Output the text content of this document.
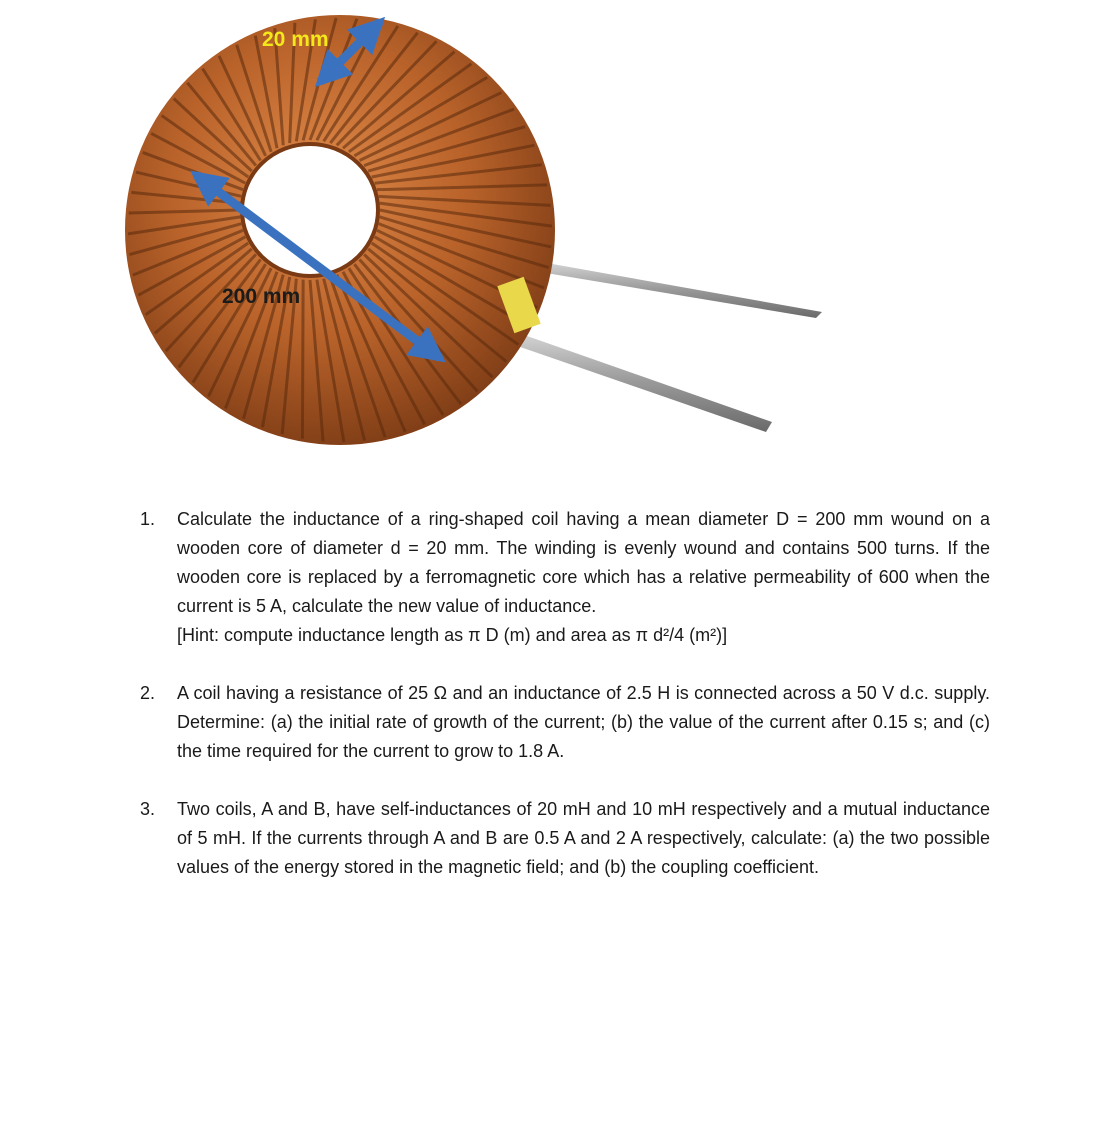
20 mm
200 mm
1. Calculate the inductance of a ring-shaped coil having a mean diameter D = 200 mm wound on a wooden core of diameter d = 20 mm. The winding is evenly wound and contains 500 turns. If the wooden core is replaced by a ferromagnetic core which has a relative permeability of 600 when the current is 5 A, calculate the new value of inductance.
[Hint: compute inductance length as π D (m) and area as π d²/4 (m²)]
2. A coil having a resistance of 25 Ω and an inductance of 2.5 H is connected across a 50 V d.c. supply. Determine: (a) the initial rate of growth of the current; (b) the value of the current after 0.15 s; and (c) the time required for the current to grow to 1.8 A.
3. Two coils, A and B, have self-inductances of 20 mH and 10 mH respectively and a mutual inductance of 5 mH. If the currents through A and B are 0.5 A and 2 A respectively, calculate: (a) the two possible values of the energy stored in the magnetic field; and (b) the coupling coefficient.
